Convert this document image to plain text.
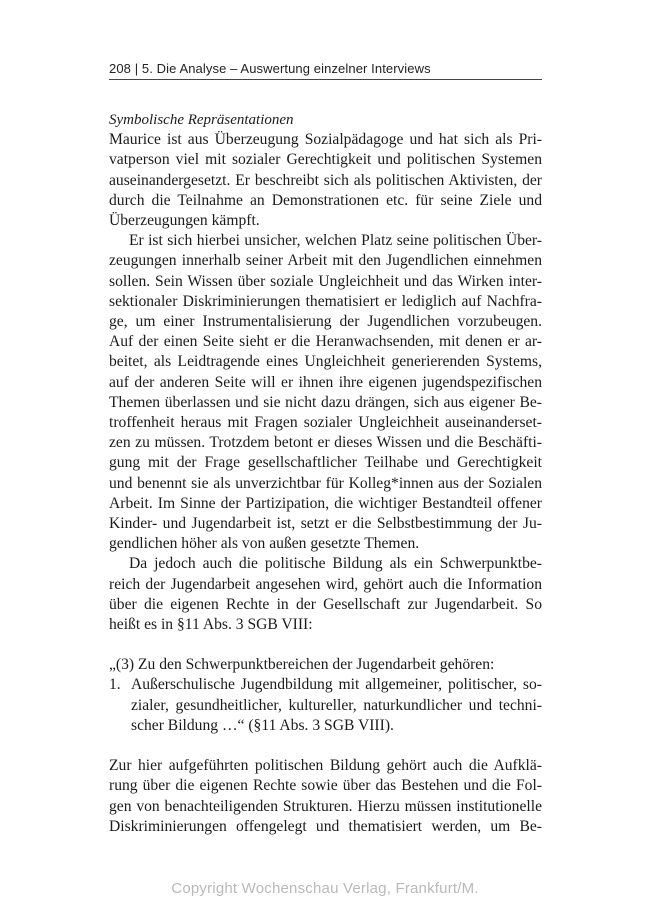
208 | 5. Die Analyse – Auswertung einzelner Interviews
Symbolische Repräsentationen
Maurice ist aus Überzeugung Sozialpädagoge und hat sich als Pri-
vatperson viel mit sozialer Gerechtigkeit und politischen Systemen
auseinandergesetzt. Er beschreibt sich als politischen Aktivisten, der
durch die Teilnahme an Demonstrationen etc. für seine Ziele und
Überzeugungen kämpft.
Er ist sich hierbei unsicher, welchen Platz seine politischen Über-
zeugungen innerhalb seiner Arbeit mit den Jugendlichen einnehmen
sollen. Sein Wissen über soziale Ungleichheit und das Wirken inter-
sektionaler Diskriminierungen thematisiert er lediglich auf Nachfra-
ge, um einer Instrumentalisierung der Jugendlichen vorzubeugen.
Auf der einen Seite sieht er die Heranwachsenden, mit denen er ar-
beitet, als Leidtragende eines Ungleichheit generierenden Systems,
auf der anderen Seite will er ihnen ihre eigenen jugendspezifischen
Themen überlassen und sie nicht dazu drängen, sich aus eigener Be-
troffenheit heraus mit Fragen sozialer Ungleichheit auseinanderset-
zen zu müssen. Trotzdem betont er dieses Wissen und die Beschäfti-
gung mit der Frage gesellschaftlicher Teilhabe und Gerechtigkeit
und benennt sie als unverzichtbar für Kolleg*innen aus der Sozialen
Arbeit. Im Sinne der Partizipation, die wichtiger Bestandteil offener
Kinder- und Jugendarbeit ist, setzt er die Selbstbestimmung der Ju-
gendlichen höher als von außen gesetzte Themen.
Da jedoch auch die politische Bildung als ein Schwerpunktbe-
reich der Jugendarbeit angesehen wird, gehört auch die Information
über die eigenen Rechte in der Gesellschaft zur Jugendarbeit. So
heißt es in §11 Abs. 3 SGB VIII:
„(3) Zu den Schwerpunktbereichen der Jugendarbeit gehören:
1. Außerschulische Jugendbildung mit allgemeiner, politischer, so-
zialer, gesundheitlicher, kultureller, naturkundlicher und techni-
scher Bildung …“ (§11 Abs. 3 SGB VIII).
Zur hier aufgeführten politischen Bildung gehört auch die Aufklä-
rung über die eigenen Rechte sowie über das Bestehen und die Fol-
gen von benachteiligenden Strukturen. Hierzu müssen institutionelle
Diskriminierungen offengelegt und thematisiert werden, um Be-
Copyright Wochenschau Verlag, Frankfurt/M.
